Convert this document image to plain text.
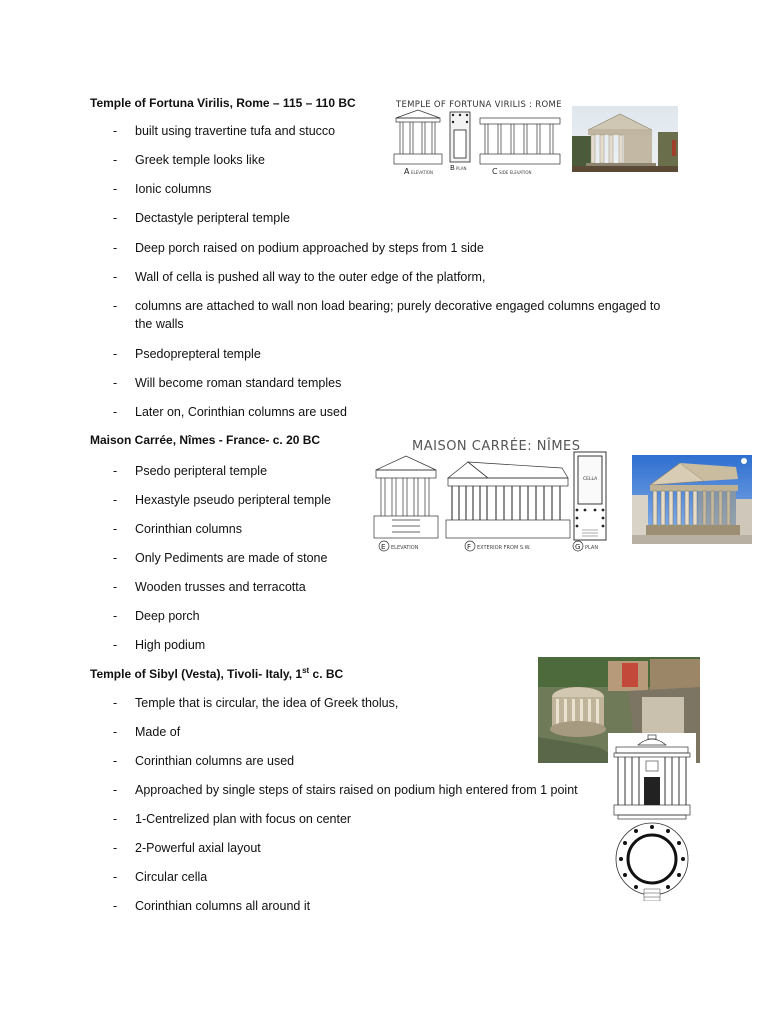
Temple of Fortuna Virilis, Rome – 115 – 110 BC
-	built using travertine tufa and stucco
-	Greek temple looks like
-	Ionic columns
-	Dectastyle peripteral temple
-	Deep porch raised on podium approached by steps from 1 side
-	Wall of cella is pushed all way to the outer edge of the platform,
-	columns are attached to wall non load bearing; purely decorative engaged columns engaged to the walls
-	Psedoprepteral temple
-	Will become roman standard temples
-	Later on, Corinthian columns are used
TEMPLE OF FORTUNA VIRILIS : ROME
A ELEVATION
B PLAN	C SIDE ELEVATION
Maison Carrée, Nîmes - France- c. 20 BC
-	Psedo peripteral temple
-	Hexastyle pseudo peripteral temple
-	Corinthian columns
-	Only Pediments are made of stone
-	Wooden trusses and terracotta
-	Deep porch
-	High podium
MAISON CARRÉE: NÎMES
CELLA
E ELEVATION	F EXTERIOR FROM S.W.	G PLAN
Temple of Sibyl (Vesta), Tivoli- Italy, 1st c. BC
-	Temple that is circular, the idea of Greek tholus,
-	Made of
-	Corinthian columns are used
-	Approached by single steps of stairs raised on podium high entered from 1 point
-	1-Centrelized plan with focus on center
-	2-Powerful axial layout
-	Circular cella
-	Corinthian columns all around it
